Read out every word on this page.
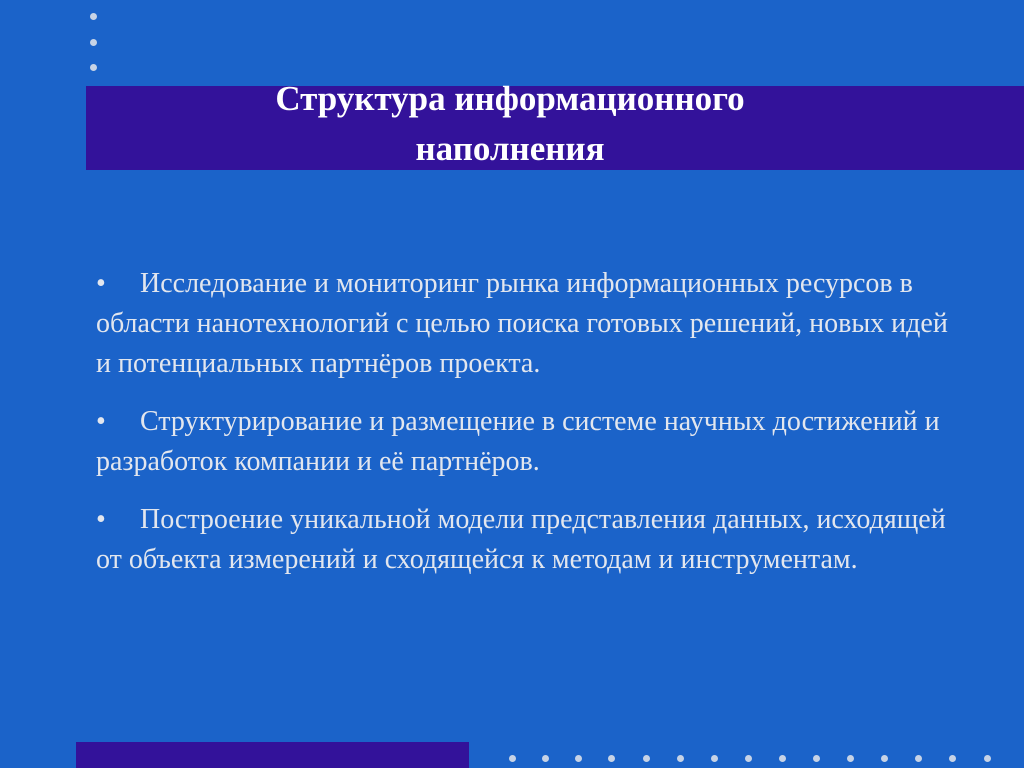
Структура информационного
наполнения

• Исследование и мониторинг рынка информационных ресурсов в области нанотехнологий с целью поиска готовых решений, новых идей и потенциальных партнёров проекта.

• Структурирование и размещение в системе научных достижений и разработок компании и её партнёров.

• Построение уникальной модели представления данных, исходящей от объекта измерений и сходящейся к методам и инструментам.
